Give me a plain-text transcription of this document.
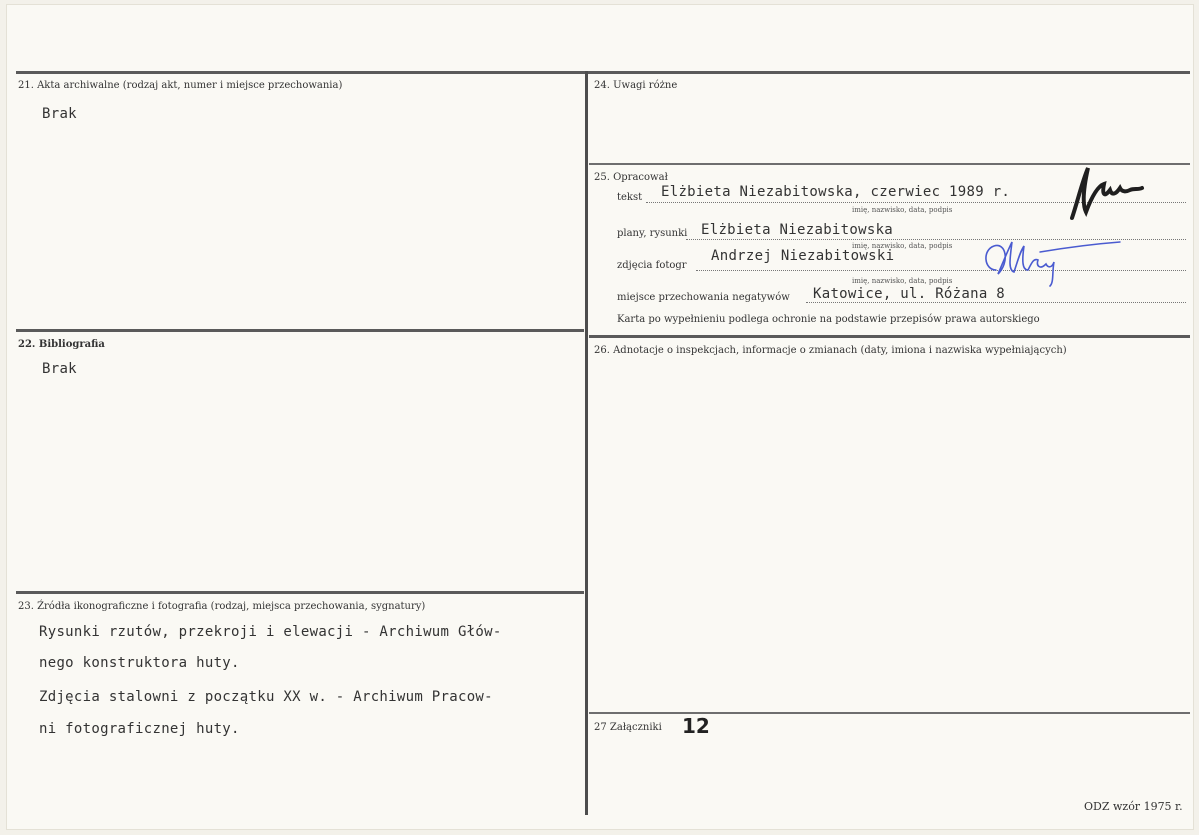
21. Akta archiwalne (rodzaj akt, numer i miejsce przechowania)
Brak
22. Bibliografia
Brak
23. Źródła ikonograficzne i fotografia (rodzaj, miejsca przechowania, sygnatury)
Rysunki rzutów, przekroji i elewacji - Archiwum Głów-
nego konstruktora huty.
Zdjęcia stalowni z początku XX w. - Archiwum Pracow-
ni fotograficznej huty.
24. Uwagi różne
25. Opracował
tekst Elżbieta Niezabitowska, czerwiec 1989 r.
imię, nazwisko, data, podpis
plany, rysunki Elżbieta Niezabitowska
imię, nazwisko, data, podpis
zdjęcia fotogr
Andrzej Niezabitowski
imię, nazwisko, data, podpis
miejsce przechowania negatywów Katowice, ul. Różana 8
Karta po wypełnieniu podlega ochronie na podstawie przepisów prawa autorskiego
26. Adnotacje o inspekcjach, informacje o zmianach (daty, imiona i nazwiska wypełniających)
27 Załączniki 12
ODZ wzór 1975 r.
